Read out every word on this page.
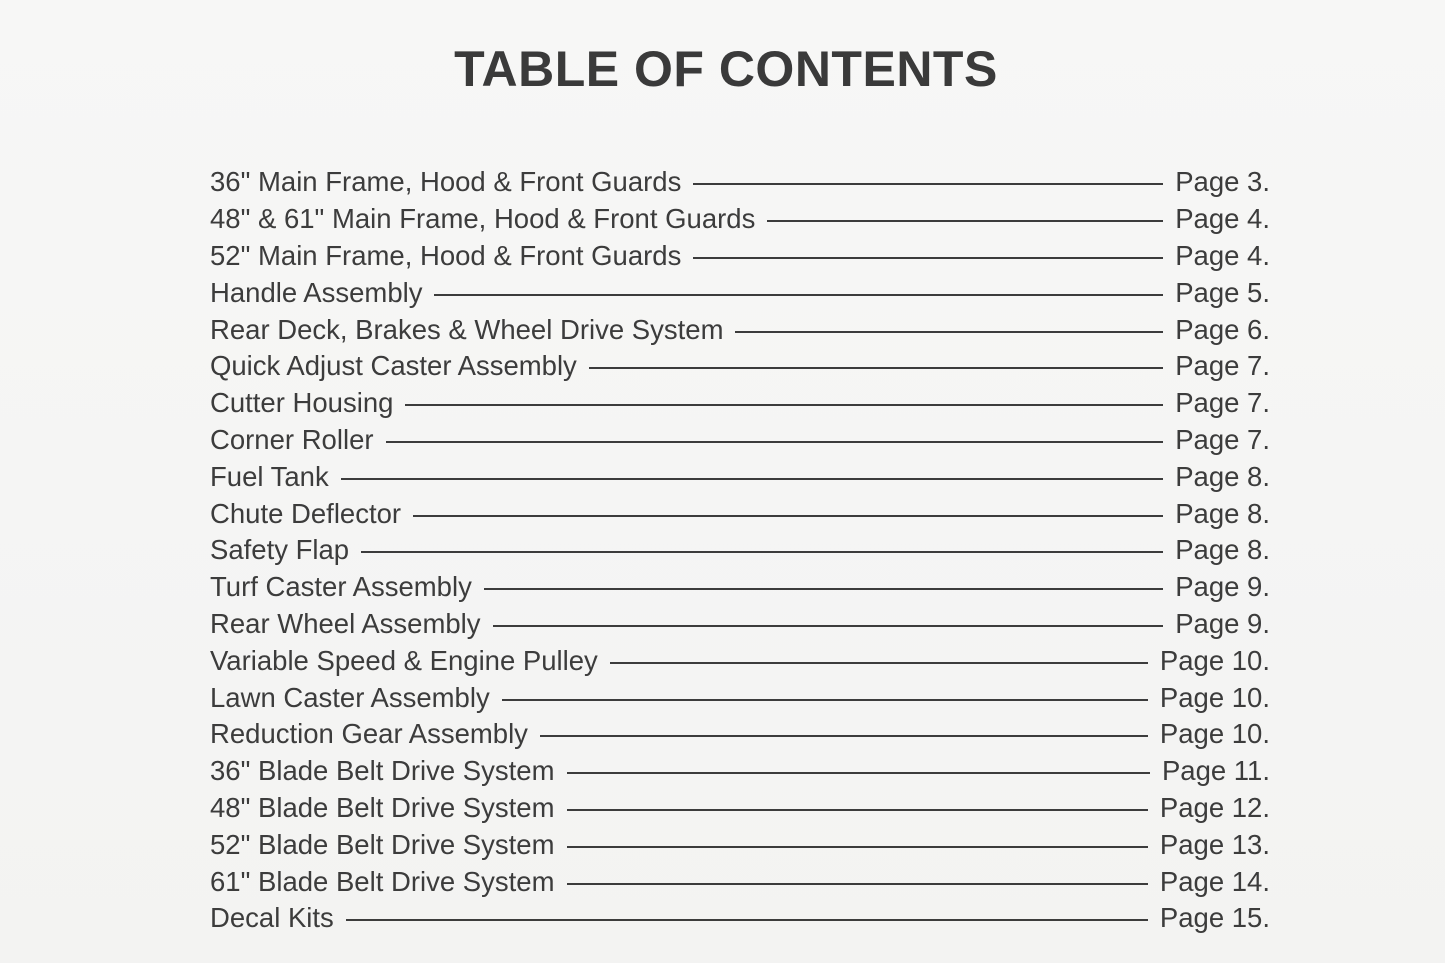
TABLE OF CONTENTS
36" Main Frame, Hood & Front Guards	Page 3.
48" & 61" Main Frame, Hood & Front Guards	Page 4.
52" Main Frame, Hood & Front Guards	Page 4.
Handle Assembly	Page 5.
Rear Deck, Brakes & Wheel Drive System	Page 6.
Quick Adjust Caster Assembly	Page 7.
Cutter Housing	Page 7.
Corner Roller	Page 7.
Fuel Tank	Page 8.
Chute Deflector	Page 8.
Safety Flap	Page 8.
Turf Caster Assembly	Page 9.
Rear Wheel Assembly	Page 9.
Variable Speed & Engine Pulley	Page 10.
Lawn Caster Assembly	Page 10.
Reduction Gear Assembly	Page 10.
36" Blade Belt Drive System	Page 11.
48" Blade Belt Drive System	Page 12.
52" Blade Belt Drive System	Page 13.
61" Blade Belt Drive System	Page 14.
Decal Kits	Page 15.
